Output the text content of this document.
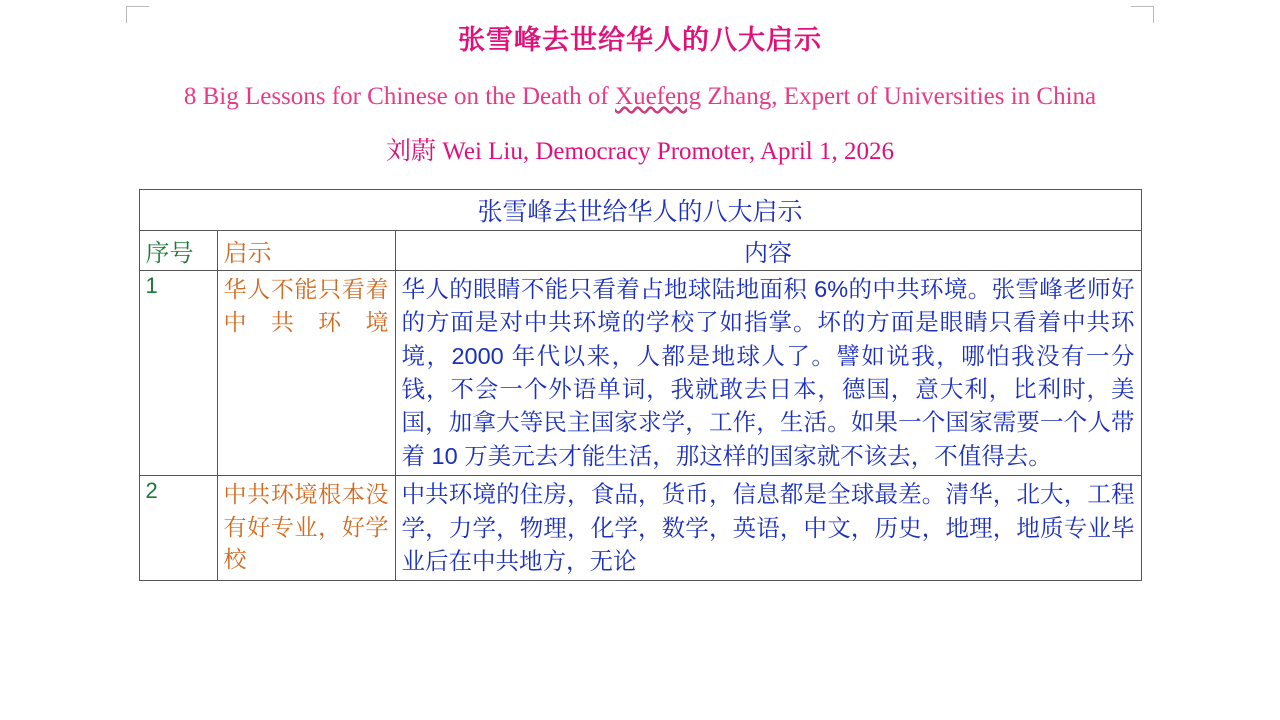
张雪峰去世给华人的八大启示
8 Big Lessons for Chinese on the Death of Xuefeng Zhang, Expert of Universities in China
刘蔚 Wei Liu, Democracy Promoter, April 1, 2026
张雪峰去世给华人的八大启示		
序号	启示	内容
1	华人不能只看着中共环境	华人的眼睛不能只看着占地球陆地面积 6%的中共环境。张雪峰老师好的方面是对中共环境的学校了如指掌。坏的方面是眼睛只看着中共环境，2000 年代以来，人都是地球人了。譬如说我，哪怕我没有一分钱，不会一个外语单词，我就敢去日本，德国，意大利，比利时，美国，加拿大等民主国家求学，工作，生活。如果一个国家需要一个人带着 10 万美元去才能生活，那这样的国家就不该去，不值得去。
2	中共环境根本没有好专业，好学校	中共环境的住房，食品，货币，信息都是全球最差。清华，北大，工程学，力学，物理，化学，数学，英语，中文，历史，地理，地质专业毕业后在中共地方，无论
